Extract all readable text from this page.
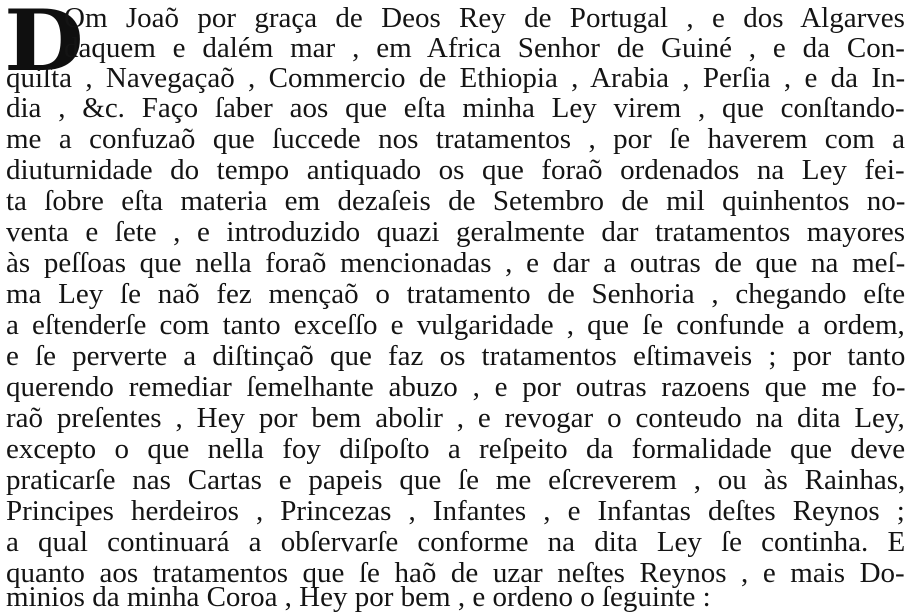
D
Om Joaõ por graça de Deos Rey de Portugal , e dos Algarves
daquem e dalém mar , em Africa Senhor de Guiné , e da Con-
quiſta , Navegaçaõ , Commercio de Ethiopia , Arabia , Perſia , e da In-
dia , &c. Faço ſaber aos que eſta minha Ley virem , que conſtando-
me a confuzaõ que ſuccede nos tratamentos , por ſe haverem com a
diuturnidade do tempo antiquado os que foraõ ordenados na Ley fei-
ta ſobre eſta materia em dezaſeis de Setembro de mil quinhentos no-
venta e ſete , e introduzido quazi geralmente dar tratamentos mayores
às peſſoas que nella foraõ mencionadas , e dar a outras de que na meſ-
ma Ley ſe naõ fez mençaõ o tratamento de Senhoria , chegando eſte
a eſtenderſe com tanto exceſſo e vulgaridade , que ſe confunde a ordem,
e ſe perverte a diſtinçaõ que faz os tratamentos eſtimaveis ; por tanto
querendo remediar ſemelhante abuzo , e por outras razoens que me fo-
raõ preſentes , Hey por bem abolir , e revogar o conteudo na dita Ley,
excepto o que nella foy diſpoſto a reſpeito da formalidade que deve
praticarſe nas Cartas e papeis que ſe me eſcreverem , ou às Rainhas,
Principes herdeiros , Princezas , Infantes , e Infantas deſtes Reynos ;
a qual continuará a obſervarſe conforme na dita Ley ſe continha. E
quanto aos tratamentos que ſe haõ de uzar neſtes Reynos , e mais Do-
minios da minha Coroa , Hey por bem , e ordeno o ſeguinte :
